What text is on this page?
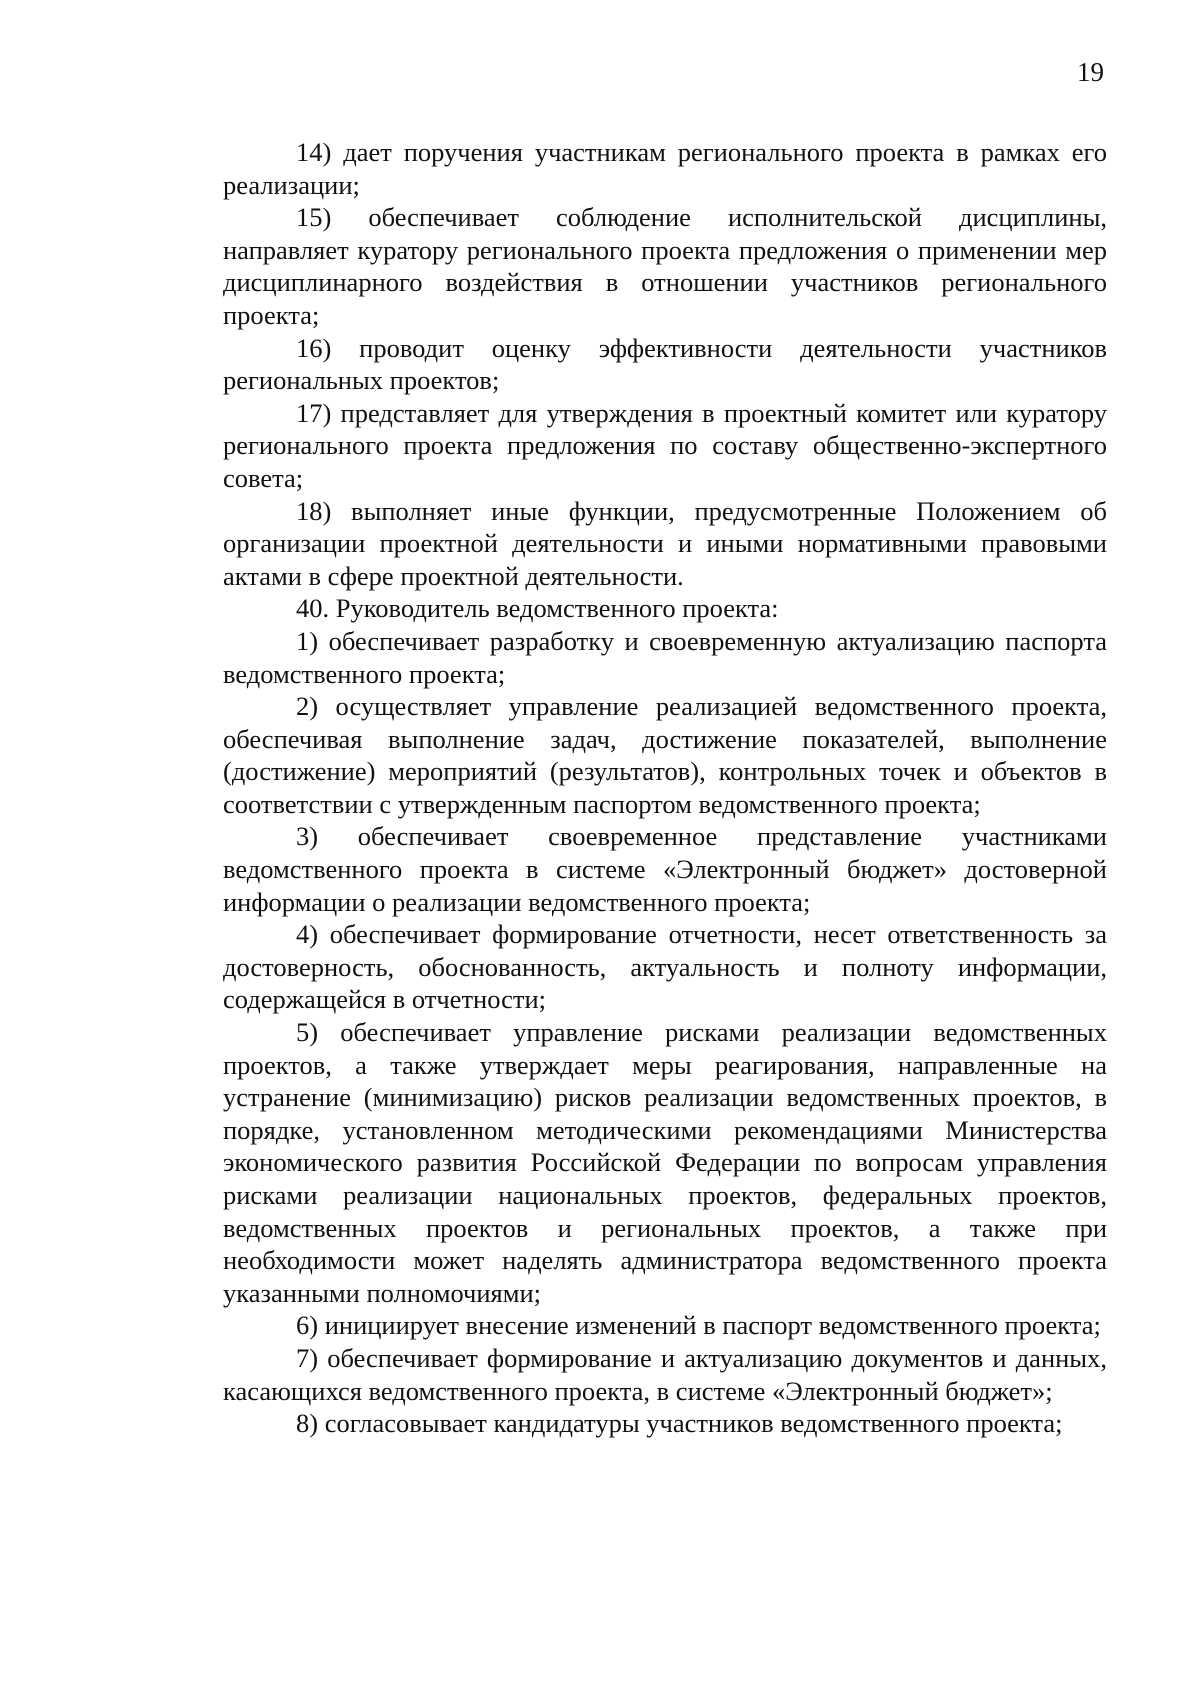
19

14) дает поручения участникам регионального проекта в рамках его реализации;

15) обеспечивает соблюдение исполнительской дисциплины, направляет куратору регионального проекта предложения о применении мер дисциплинарного воздействия в отношении участников регионального проекта;

16) проводит оценку эффективности деятельности участников региональных проектов;

17) представляет для утверждения в проектный комитет или куратору регионального проекта предложения по составу общественно-экспертного совета;

18) выполняет иные функции, предусмотренные Положением об организации проектной деятельности и иными нормативными правовыми актами в сфере проектной деятельности.

40. Руководитель ведомственного проекта:

1) обеспечивает разработку и своевременную актуализацию паспорта ведомственного проекта;

2) осуществляет управление реализацией ведомственного проекта, обеспечивая выполнение задач, достижение показателей, выполнение (достижение) мероприятий (результатов), контрольных точек и объектов в соответствии с утвержденным паспортом ведомственного проекта;

3) обеспечивает своевременное представление участниками ведомственного проекта в системе «Электронный бюджет» достоверной информации о реализации ведомственного проекта;

4) обеспечивает формирование отчетности, несет ответственность за достоверность, обоснованность, актуальность и полноту информации, содержащейся в отчетности;

5) обеспечивает управление рисками реализации ведомственных проектов, а также утверждает меры реагирования, направленные на устранение (минимизацию) рисков реализации ведомственных проектов, в порядке, установленном методическими рекомендациями Министерства экономического развития Российской Федерации по вопросам управления рисками реализации национальных проектов, федеральных проектов, ведомственных проектов и региональных проектов, а также при необходимости может наделять администратора ведомственного проекта указанными полномочиями;

6) инициирует внесение изменений в паспорт ведомственного проекта;

7) обеспечивает формирование и актуализацию документов и данных, касающихся ведомственного проекта, в системе «Электронный бюджет»;

8) согласовывает кандидатуры участников ведомственного проекта;
